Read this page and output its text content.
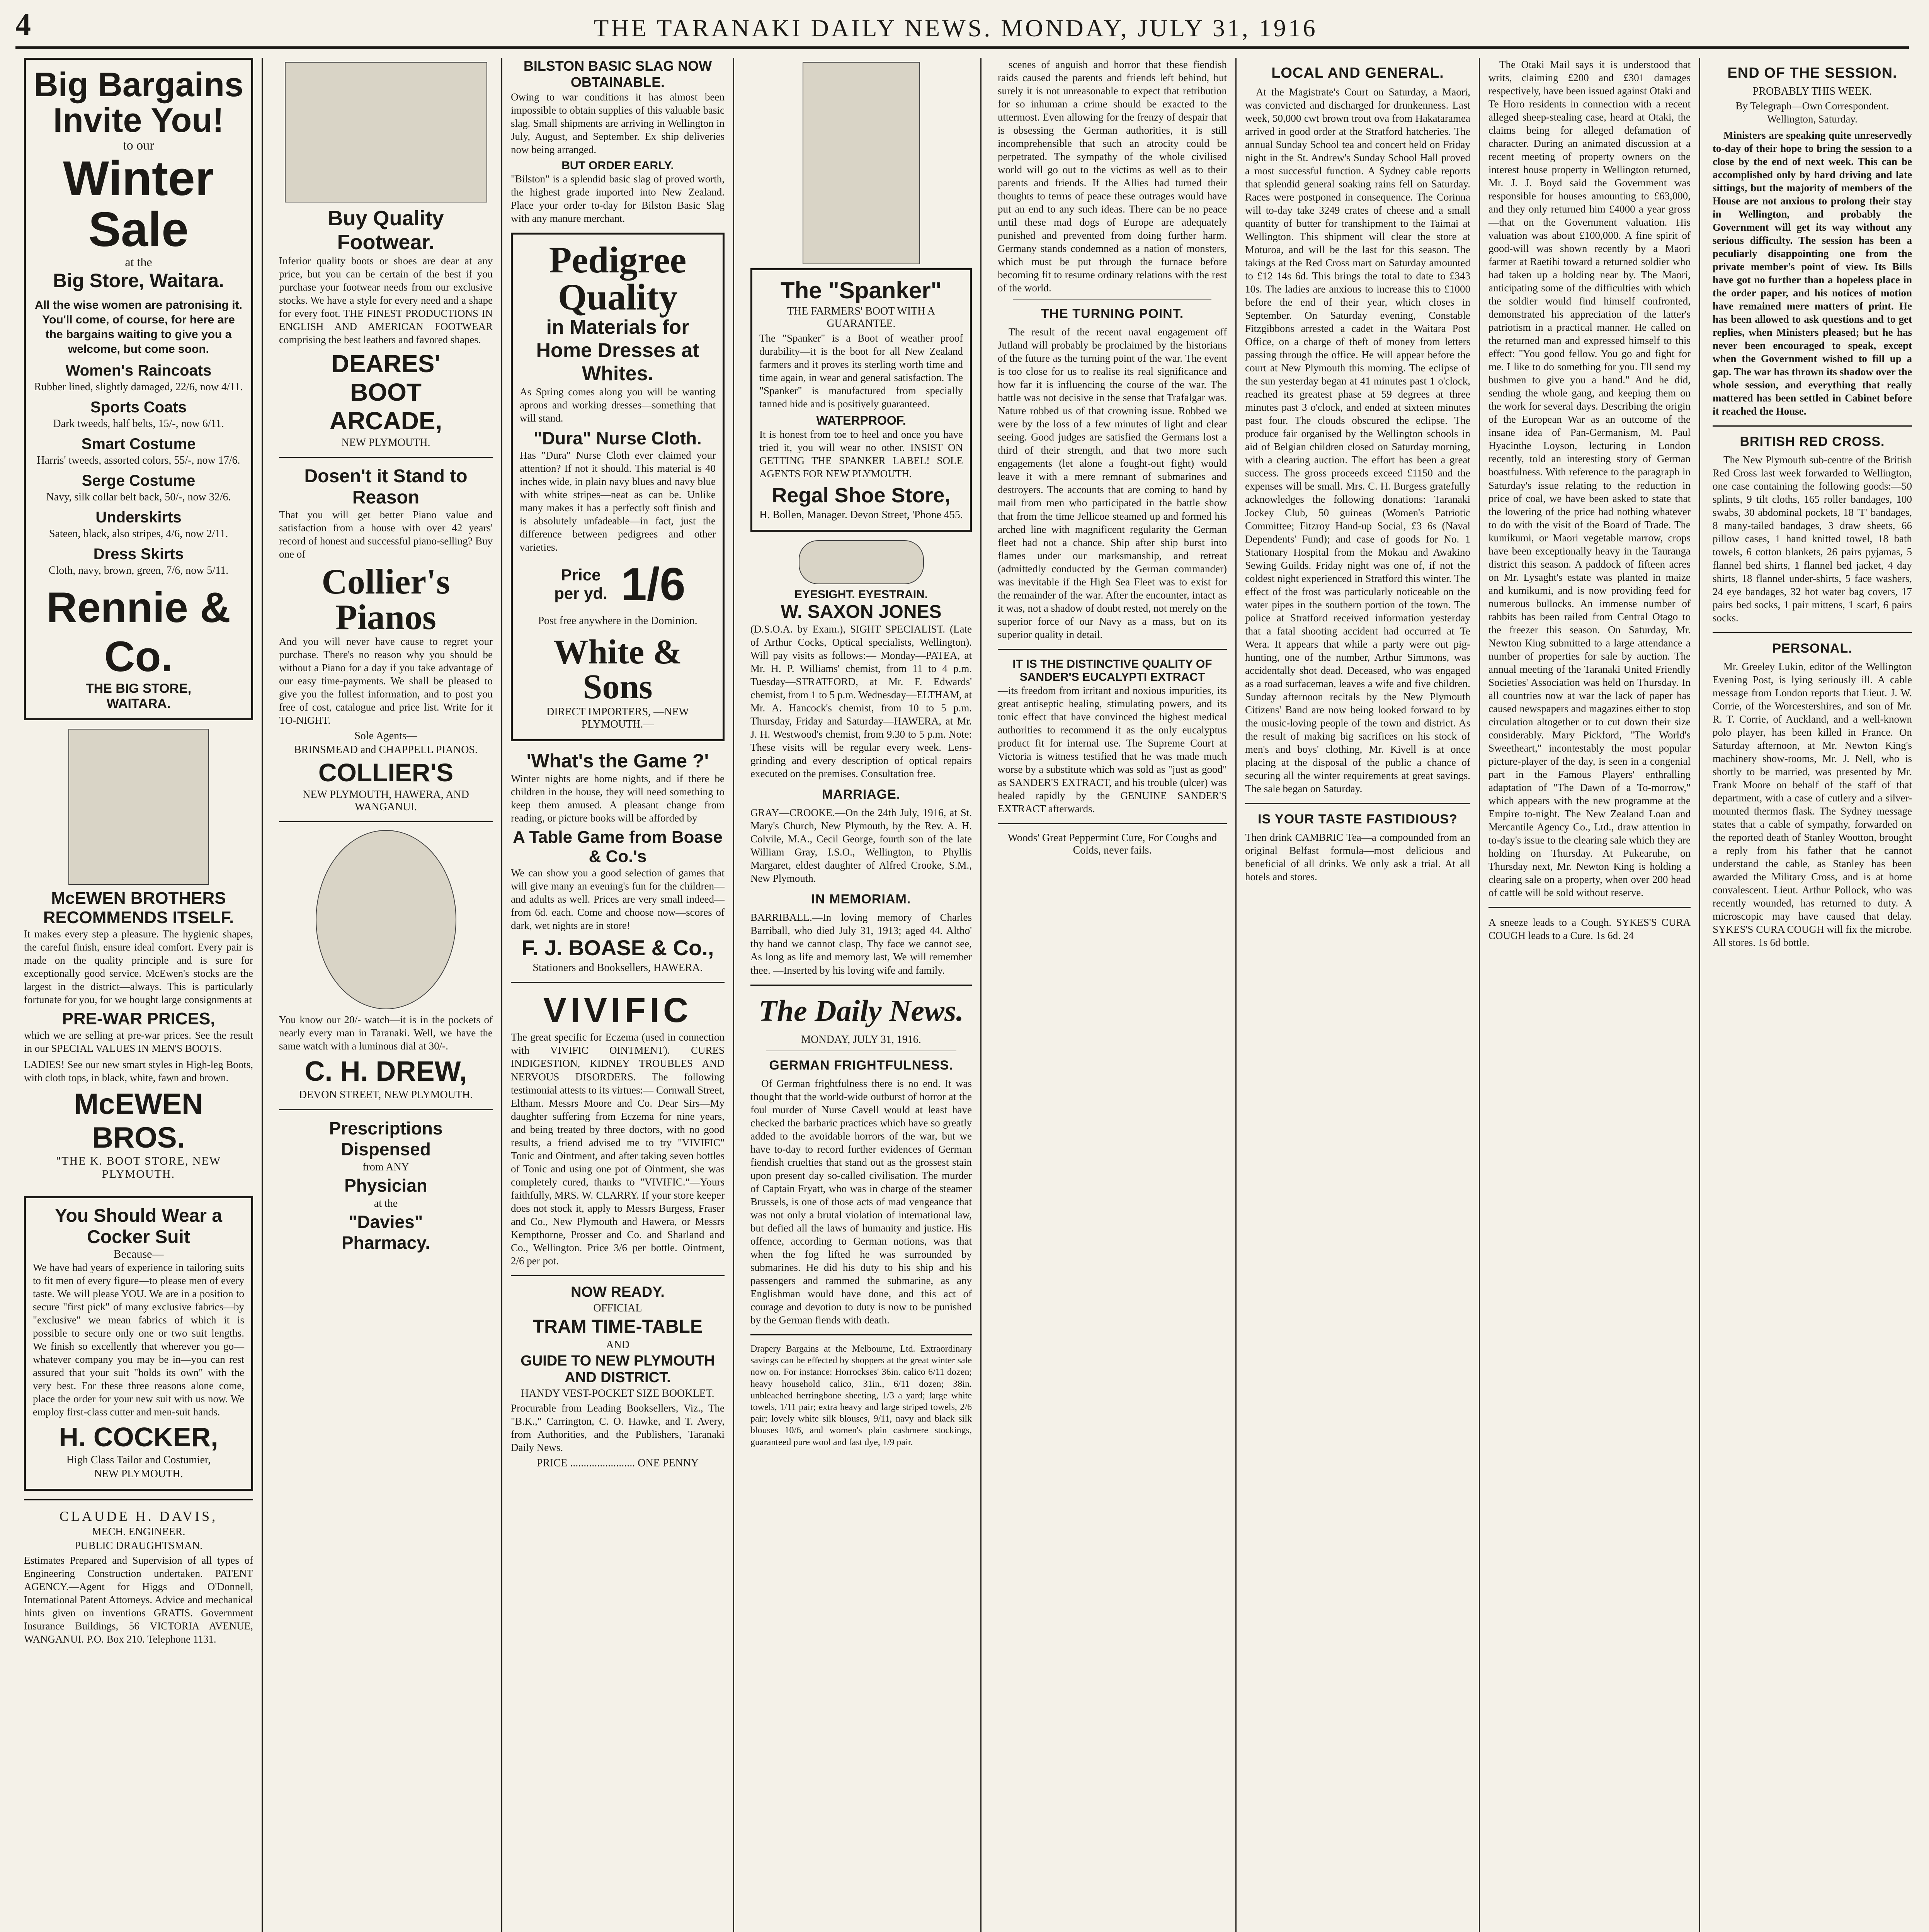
4	THE TARANAKI DAILY NEWS. MONDAY, JULY 31, 1916
Big Bargains
Invite You!
to our
Winter
Sale
at the
Big Store, Waitara.

All the wise women are patronising it. You'll come, of course, for here are the bargains waiting to give you a welcome, but come soon.

Women's Raincoats
Rubber lined, slightly damaged, 22/6, now 4/11.
Sports Coats
Dark tweeds, half belts, 15/-, now 6/11.
Smart Costume
Harris' tweeds, assorted colors, 55/-, now 17/6.
Serge Costume
Navy, silk collar belt back, 50/-, now 32/6.
Underskirts
Sateen, black, also stripes, 4/6, now 2/11.
Dress Skirts
Cloth, navy, brown, green, 7/6, now 5/11.
Rennie & Co.
THE BIG STORE,
WAITARA.
McEWEN BROTHERS RECOMMENDS ITSELF.

It makes every step a pleasure. The hygienic shapes, the careful finish, ensure ideal comfort. Every pair is made on the quality principle and is sure for exceptionally good service. McEwen's stocks are the largest in the district—always. This is particularly fortunate for you, for we bought large consignments at

PRE-WAR PRICES,

which we are selling at pre-war prices. See the result in our SPECIAL VALUES IN MEN'S BOOTS.

LADIES! See our new smart styles in High-leg Boots, with cloth tops, in black, white, fawn and brown.

McEWEN BROS.
"THE K. BOOT STORE, NEW PLYMOUTH.
You Should Wear a Cocker Suit
Because—

We have had years of experience in tailoring suits to fit men of every figure—to please men of every taste. We will please YOU. We are in a position to secure "first pick" of many exclusive fabrics—by "exclusive" we mean fabrics of which it is possible to secure only one or two suit lengths. We finish so excellently that wherever you go—whatever company you may be in—you can rest assured that your suit "holds its own" with the very best. For these three reasons alone come, place the order for your new suit with us now. We employ first-class cutter and men-suit hands.

H. COCKER,
High Class Tailor and Costumier,
NEW PLYMOUTH.
CLAUDE H. DAVIS,
MECH. ENGINEER.
PUBLIC DRAUGHTSMAN.

Estimates Prepared and Supervision of all types of Engineering Construction undertaken. PATENT AGENCY.—Agent for Higgs and O'Donnell, International Patent Attorneys. Advice and mechanical hints given on inventions GRATIS. Government Insurance Buildings, 56 VICTORIA AVENUE, WANGANUI. P.O. Box 210. Telephone 1131.

Buy Quality
Footwear.

Inferior quality boots or shoes are dear at any price, but you can be certain of the best if you purchase your footwear needs from our exclusive stocks. We have a style for every need and a shape for every foot. THE FINEST PRODUCTIONS IN ENGLISH AND AMERICAN FOOTWEAR comprising the best leathers and favored shapes.

DEARES'
BOOT
ARCADE,
NEW PLYMOUTH.
Dosen't it Stand to Reason

That you will get better Piano value and satisfaction from a house with over 42 years' record of honest and successful piano-selling? Buy one of

Collier's Pianos

And you will never have cause to regret your purchase. There's no reason why you should be without a Piano for a day if you take advantage of our easy time-payments. We shall be pleased to give you the fullest information, and to post you free of cost, catalogue and price list. Write for it TO-NIGHT.

Sole Agents—
BRINSMEAD and CHAPPELL PIANOS.
COLLIER'S
NEW PLYMOUTH, HAWERA, AND WANGANUI.

You know our 20/- watch—it is in the pockets of nearly every man in Taranaki. Well, we have the same watch with a luminous dial at 30/-.

C. H. DREW,
DEVON STREET, NEW PLYMOUTH.
Prescriptions
Dispensed
from ANY
Physician
at the
"Davies"
Pharmacy.
BILSTON BASIC SLAG NOW OBTAINABLE.

Owing to war conditions it has almost been impossible to obtain supplies of this valuable basic slag. Small shipments are arriving in Wellington in July, August, and September. Ex ship deliveries now being arranged.

BUT ORDER EARLY.

"Bilston" is a splendid basic slag of proved worth, the highest grade imported into New Zealand. Place your order to-day for Bilston Basic Slag with any manure merchant.

Pedigree Quality
in Materials for Home Dresses at Whites.

As Spring comes along you will be wanting aprons and working dresses—something that will stand.

"Dura" Nurse Cloth.

Has "Dura" Nurse Cloth ever claimed your attention? If not it should. This material is 40 inches wide, in plain navy blues and navy blue with white stripes—neat as can be. Unlike many makes it has a perfectly soft finish and is absolutely unfadeable—in fact, just the difference between pedigrees and other varieties.

Price per yd. 1/6
Post free anywhere in the Dominion.
White & Sons
DIRECT IMPORTERS, —NEW PLYMOUTH.—
'What's the Game ?'

Winter nights are home nights, and if there be children in the house, they will need something to keep them amused. A pleasant change from reading, or picture books will be afforded by

A Table Game from Boase & Co.'s

We can show you a good selection of games that will give many an evening's fun for the children—and adults as well. Prices are very small indeed—from 6d. each. Come and choose now—scores of dark, wet nights are in store!

F. J. BOASE & Co.,
Stationers and Booksellers, HAWERA.
VIVIFIC

The great specific for Eczema (used in connection with VIVIFIC OINTMENT). CURES INDIGESTION, KIDNEY TROUBLES AND NERVOUS DISORDERS. The following testimonial attests to its virtues:— Cornwall Street, Eltham. Messrs Moore and Co. Dear Sirs—My daughter suffering from Eczema for nine years, and being treated by three doctors, with no good results, a friend advised me to try "VIVIFIC" Tonic and Ointment, and after taking seven bottles of Tonic and using one pot of Ointment, she was completely cured, thanks to "VIVIFIC."—Yours faithfully, MRS. W. CLARRY. If your store keeper does not stock it, apply to Messrs Burgess, Fraser and Co., New Plymouth and Hawera, or Messrs Kempthorne, Prosser and Co. and Sharland and Co., Wellington. Price 3/6 per bottle. Ointment, 2/6 per pot.

NOW READY.
OFFICIAL
TRAM TIME-TABLE
AND
GUIDE TO NEW PLYMOUTH AND DISTRICT.
HANDY VEST-POCKET SIZE BOOKLET.

Procurable from Leading Booksellers, Viz., The "B.K.," Carrington, C. O. Hawke, and T. Avery, from Authorities, and the Publishers, Taranaki Daily News.

PRICE ........................ ONE PENNY
The "Spanker"
THE FARMERS' BOOT WITH A GUARANTEE.

The "Spanker" is a Boot of weather proof durability—it is the boot for all New Zealand farmers and it proves its sterling worth time and time again, in wear and general satisfaction. The "Spanker" is manufactured from specially tanned hide and is positively guaranteed.

WATERPROOF.

It is honest from toe to heel and once you have tried it, you will wear no other. INSIST ON GETTING THE SPANKER LABEL! SOLE AGENTS FOR NEW PLYMOUTH.

Regal Shoe Store,
H. Bollen, Manager. Devon Street, 'Phone 455.
EYESIGHT. EYESTRAIN.
W. SAXON JONES

(D.S.O.A. by Exam.), SIGHT SPECIALIST. (Late of Arthur Cocks, Optical specialists, Wellington). Will pay visits as follows:— Monday—PATEA, at Mr. H. P. Williams' chemist, from 11 to 4 p.m. Tuesday—STRATFORD, at Mr. F. Edwards' chemist, from 1 to 5 p.m. Wednesday—ELTHAM, at Mr. A. Hancock's chemist, from 10 to 5 p.m. Thursday, Friday and Saturday—HAWERA, at Mr. J. H. Westwood's chemist, from 9.30 to 5 p.m. Note: These visits will be regular every week. Lens-grinding and every description of optical repairs executed on the premises. Consultation free.

MARRIAGE.

GRAY—CROOKE.—On the 24th July, 1916, at St. Mary's Church, New Plymouth, by the Rev. A. H. Colvile, M.A., Cecil George, fourth son of the late William Gray, I.S.O., Wellington, to Phyllis Margaret, eldest daughter of Alfred Crooke, S.M., New Plymouth.

IN MEMORIAM.

BARRIBALL.—In loving memory of Charles Barriball, who died July 31, 1913; aged 44. Altho' thy hand we cannot clasp, Thy face we cannot see, As long as life and memory last, We will remember thee. —Inserted by his loving wife and family.

The Daily News.
MONDAY, JULY 31, 1916.
GERMAN FRIGHTFULNESS.

Of German frightfulness there is no end. It was thought that the world-wide outburst of horror at the foul murder of Nurse Cavell would at least have checked the barbaric practices which have so greatly added to the avoidable horrors of the war, but we have to-day to record further evidences of German fiendish cruelties that stand out as the grossest stain upon present day so-called civilisation. The murder of Captain Fryatt, who was in charge of the steamer Brussels, is one of those acts of mad vengeance that was not only a brutal violation of international law, but defied all the laws of humanity and justice. His offence, according to German notions, was that when the fog lifted he was surrounded by submarines. He did his duty to his ship and his passengers and rammed the submarine, as any Englishman would have done, and this act of courage and devotion to duty is now to be punished by the German fiends with death.

Drapery Bargains at the Melbourne, Ltd. Extraordinary savings can be effected by shoppers at the great winter sale now on. For instance: Horrockses' 36in. calico 6/11 dozen; heavy household calico, 31in., 6/11 dozen; 38in. unbleached herringbone sheeting, 1/3 a yard; large white towels, 1/11 pair; extra heavy and large striped towels, 2/6 pair; lovely white silk blouses, 9/11, navy and black silk blouses 10/6, and women's plain cashmere stockings, guaranteed pure wool and fast dye, 1/9 pair.

scenes of anguish and horror that these fiendish raids caused the parents and friends left behind, but surely it is not unreasonable to expect that retribution for so inhuman a crime should be exacted to the uttermost. Even allowing for the frenzy of despair that is obsessing the German authorities, it is still incomprehensible that such an atrocity could be perpetrated. The sympathy of the whole civilised world will go out to the victims as well as to their parents and friends. If the Allies had turned their thoughts to terms of peace these outrages would have put an end to any such ideas. There can be no peace until these mad dogs of Europe are adequately punished and prevented from doing further harm. Germany stands condemned as a nation of monsters, which must be put through the furnace before becoming fit to resume ordinary relations with the rest of the world.

THE TURNING POINT.

The result of the recent naval engagement off Jutland will probably be proclaimed by the historians of the future as the turning point of the war. The event is too close for us to realise its real significance and how far it is influencing the course of the war. The battle was not decisive in the sense that Trafalgar was. Nature robbed us of that crowning issue. Robbed we were by the loss of a few minutes of light and clear seeing. Good judges are satisfied the Germans lost a third of their strength, and that two more such engagements (let alone a fought-out fight) would leave it with a mere remnant of submarines and destroyers. The accounts that are coming to hand by mail from men who participated in the battle show that from the time Jellicoe steamed up and formed his arched line with magnificent regularity the German fleet had not a chance. Ship after ship burst into flames under our marksmanship, and retreat (admittedly conducted by the German commander) was inevitable if the High Sea Fleet was to exist for the remainder of the war. After the encounter, intact as it was, not a shadow of doubt rested, not merely on the superior force of our Navy as a mass, but on its superior quality in detail.

IT IS THE DISTINCTIVE QUALITY OF SANDER'S EUCALYPTI EXTRACT

—its freedom from irritant and noxious impurities, its great antiseptic healing, stimulating powers, and its tonic effect that have convinced the highest medical authorities to recommend it as the only eucalyptus product fit for internal use. The Supreme Court at Victoria is witness testified that he was made much worse by a substitute which was sold as "just as good" as SANDER'S EXTRACT, and his trouble (ulcer) was healed rapidly by the GENUINE SANDER'S EXTRACT afterwards.

Woods' Great Peppermint Cure, For Coughs and Colds, never fails.
LOCAL AND GENERAL.

At the Magistrate's Court on Saturday, a Maori, was convicted and discharged for drunkenness. Last week, 50,000 cwt brown trout ova from Hakataramea arrived in good order at the Stratford hatcheries. The annual Sunday School tea and concert held on Friday night in the St. Andrew's Sunday School Hall proved a most successful function. A Sydney cable reports that splendid general soaking rains fell on Saturday. Races were postponed in consequence. The Corinna will to-day take 3249 crates of cheese and a small quantity of butter for transhipment to the Taimai at Wellington. This shipment will clear the store at Moturoa, and will be the last for this season. The takings at the Red Cross mart on Saturday amounted to £12 14s 6d. This brings the total to date to £343 10s. The ladies are anxious to increase this to £1000 before the end of their year, which closes in September. On Saturday evening, Constable Fitzgibbons arrested a cadet in the Waitara Post Office, on a charge of theft of money from letters passing through the office. He will appear before the court at New Plymouth this morning. The eclipse of the sun yesterday began at 41 minutes past 1 o'clock, reached its greatest phase at 59 degrees at three minutes past 3 o'clock, and ended at sixteen minutes past four. The clouds obscured the eclipse. The produce fair organised by the Wellington schools in aid of Belgian children closed on Saturday morning, with a clearing auction. The effort has been a great success. The gross proceeds exceed £1150 and the expenses will be small. Mrs. C. H. Burgess gratefully acknowledges the following donations: Taranaki Jockey Club, 50 guineas (Women's Patriotic Committee; Fitzroy Hand-up Social, £3 6s (Naval Dependents' Fund); and case of goods for No. 1 Stationary Hospital from the Mokau and Awakino Sewing Guilds. Friday night was one of, if not the coldest night experienced in Stratford this winter. The effect of the frost was particularly noticeable on the water pipes in the southern portion of the town. The police at Stratford received information yesterday that a fatal shooting accident had occurred at Te Wera. It appears that while a party were out pig-hunting, one of the number, Arthur Simmons, was accidentally shot dead. Deceased, who was engaged as a road surfaceman, leaves a wife and five children. Sunday afternoon recitals by the New Plymouth Citizens' Band are now being looked forward to by the music-loving people of the town and district. As the result of making big sacrifices on his stock of men's and boys' clothing, Mr. Kivell is at once placing at the disposal of the public a chance of securing all the winter requirements at great savings. The sale began on Saturday.

IS YOUR TASTE FASTIDIOUS?

Then drink CAMBRIC Tea—a compounded from an original Belfast formula—most delicious and beneficial of all drinks. We only ask a trial. At all hotels and stores.

The Otaki Mail says it is understood that writs, claiming £200 and £301 damages respectively, have been issued against Otaki and Te Horo residents in connection with a recent alleged sheep-stealing case, heard at Otaki, the claims being for alleged defamation of character. During an animated discussion at a recent meeting of property owners on the interest house property in Wellington returned, Mr. J. J. Boyd said the Government was responsible for houses amounting to £63,000, and they only returned him £4000 a year gross—that on the Government valuation. His valuation was about £100,000. A fine spirit of good-will was shown recently by a Maori farmer at Raetihi toward a returned soldier who had taken up a holding near by. The Maori, anticipating some of the difficulties with which the soldier would find himself confronted, demonstrated his appreciation of the latter's patriotism in a practical manner. He called on the returned man and expressed himself to this effect: "You good fellow. You go and fight for me. I like to do something for you. I'll send my bushmen to give you a hand." And he did, sending the whole gang, and keeping them on the work for several days. Describing the origin of the European War as an outcome of the insane idea of Pan-Germanism, M. Paul Hyacinthe Loyson, lecturing in London recently, told an interesting story of German boastfulness. With reference to the paragraph in Saturday's issue relating to the reduction in price of coal, we have been asked to state that the lowering of the price had nothing whatever to do with the visit of the Board of Trade. The kumikumi, or Maori vegetable marrow, crops have been exceptionally heavy in the Tauranga district this season. A paddock of fifteen acres on Mr. Lysaght's estate was planted in maize and kumikumi, and is now providing feed for numerous bullocks. An immense number of rabbits has been railed from Central Otago to the freezer this season. On Saturday, Mr. Newton King submitted to a large attendance a number of properties for sale by auction. The annual meeting of the Taranaki United Friendly Societies' Association was held on Thursday. In all countries now at war the lack of paper has caused newspapers and magazines either to stop circulation altogether or to cut down their size considerably. Mary Pickford, "The World's Sweetheart," incontestably the most popular picture-player of the day, is seen in a congenial part in the Famous Players' enthralling adaptation of "The Dawn of a To-morrow," which appears with the new programme at the Empire to-night. The New Zealand Loan and Mercantile Agency Co., Ltd., draw attention in to-day's issue to the clearing sale which they are holding on Thursday. At Pukearuhe, on Thursday next, Mr. Newton King is holding a clearing sale on a property, when over 200 head of cattle will be sold without reserve.

A sneeze leads to a Cough. SYKES'S CURA COUGH leads to a Cure. 1s 6d. 24

END OF THE SESSION.
PROBABLY THIS WEEK.

By Telegraph—Own Correspondent. Wellington, Saturday.

Ministers are speaking quite unreservedly to-day of their hope to bring the session to a close by the end of next week. This can be accomplished only by hard driving and late sittings, but the majority of members of the House are not anxious to prolong their stay in Wellington, and probably the Government will get its way without any serious difficulty. The session has been a peculiarly disappointing one from the private member's point of view. Its Bills have got no further than a hopeless place in the order paper, and his notices of motion have remained mere matters of print. He has been allowed to ask questions and to get replies, when Ministers pleased; but he has never been encouraged to speak, except when the Government wished to fill up a gap. The war has thrown its shadow over the whole session, and everything that really mattered has been settled in Cabinet before it reached the House.

BRITISH RED CROSS.

The New Plymouth sub-centre of the British Red Cross last week forwarded to Wellington, one case containing the following goods:—50 splints, 9 tilt cloths, 165 roller bandages, 100 swabs, 30 abdominal pockets, 18 'T' bandages, 8 many-tailed bandages, 3 draw sheets, 66 pillow cases, 1 hand knitted towel, 18 bath towels, 6 cotton blankets, 26 pairs pyjamas, 5 flannel bed shirts, 1 flannel bed jacket, 4 day shirts, 18 flannel under-shirts, 5 face washers, 24 eye bandages, 32 hot water bag covers, 17 pairs bed socks, 1 pair mittens, 1 scarf, 6 pairs socks.

PERSONAL.

Mr. Greeley Lukin, editor of the Wellington Evening Post, is lying seriously ill. A cable message from London reports that Lieut. J. W. Corrie, of the Worcestershires, and son of Mr. R. T. Corrie, of Auckland, and a well-known polo player, has been killed in France. On Saturday afternoon, at Mr. Newton King's machinery show-rooms, Mr. J. Nell, who is shortly to be married, was presented by Mr. Frank Moore on behalf of the staff of that department, with a case of cutlery and a silver-mounted thermos flask. The Sydney message states that a cable of sympathy, forwarded on the reported death of Stanley Wootton, brought a reply from his father that he cannot understand the cable, as Stanley has been awarded the Military Cross, and is at home convalescent. Lieut. Arthur Pollock, who was recently wounded, has returned to duty. A microscopic may have caused that delay. SYKES'S CURA COUGH will fix the microbe. All stores. 1s 6d bottle.
